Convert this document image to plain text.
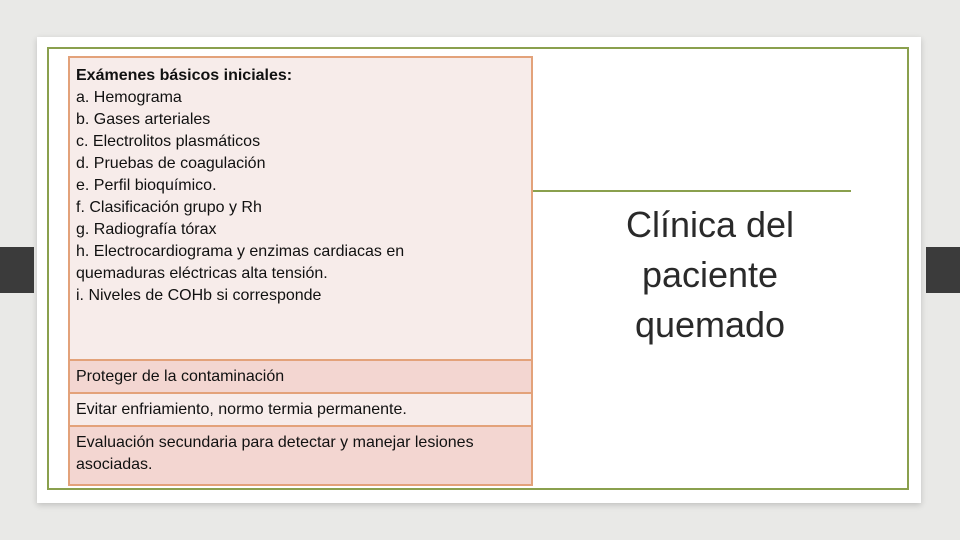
Exámenes básicos iniciales:
a. Hemograma
b. Gases arteriales
c. Electrolitos plasmáticos
d. Pruebas de coagulación
e. Perfil bioquímico.
f. Clasificación grupo y Rh
g. Radiografía tórax
h. Electrocardiograma y enzimas cardiacas en
quemaduras eléctricas alta tensión.
i. Niveles de COHb si corresponde
Proteger de la contaminación
Evitar enfriamiento, normo termia permanente.
Evaluación secundaria para detectar y manejar lesiones asociadas.
Clínica del
paciente
quemado
